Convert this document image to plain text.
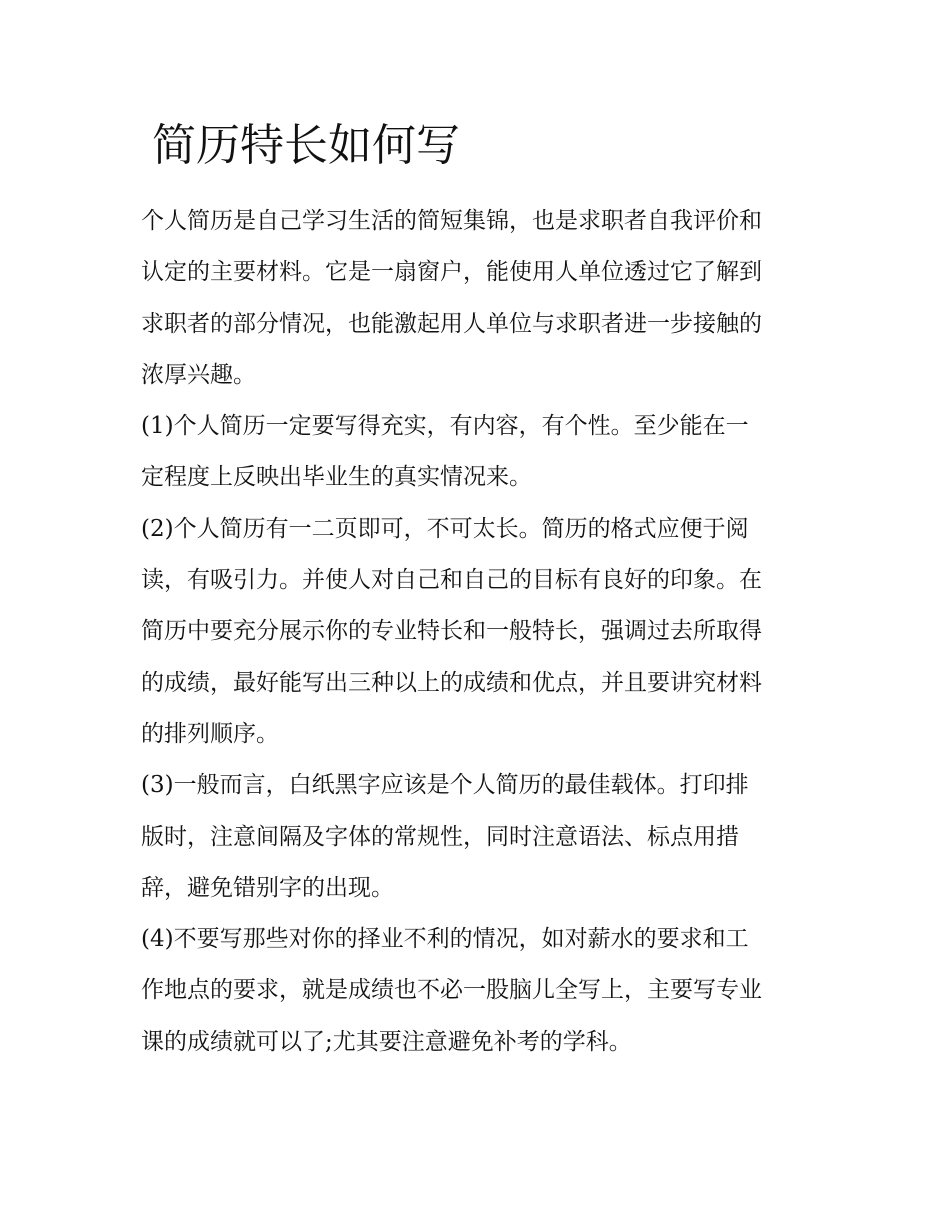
简历特长如何写
个人简历是自己学习生活的简短集锦，也是求职者自我评价和
认定的主要材料。它是一扇窗户，能使用人单位透过它了解到
求职者的部分情况，也能激起用人单位与求职者进一步接触的
浓厚兴趣。
(1)个人简历一定要写得充实，有内容，有个性。至少能在一
定程度上反映出毕业生的真实情况来。
(2)个人简历有一二页即可，不可太长。简历的格式应便于阅
读，有吸引力。并使人对自己和自己的目标有良好的印象。在
简历中要充分展示你的专业特长和一般特长，强调过去所取得
的成绩，最好能写出三种以上的成绩和优点，并且要讲究材料
的排列顺序。
(3)一般而言，白纸黑字应该是个人简历的最佳载体。打印排
版时，注意间隔及字体的常规性，同时注意语法、标点用措
辞，避免错别字的出现。
(4)不要写那些对你的择业不利的情况，如对薪水的要求和工
作地点的要求，就是成绩也不必一股脑儿全写上，主要写专业
课的成绩就可以了;尤其要注意避免补考的学科。
